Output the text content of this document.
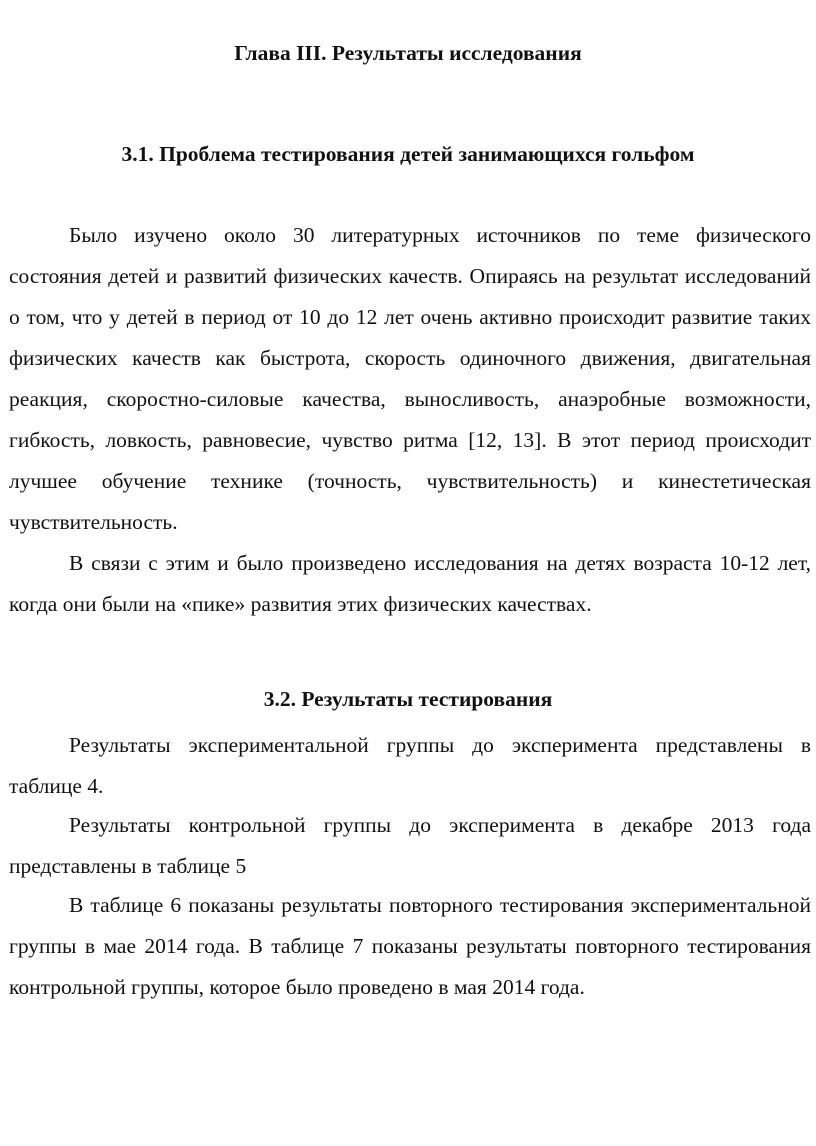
Глава III. Результаты исследования
3.1. Проблема тестирования детей занимающихся гольфом

Было изучено около 30 литературных источников по теме физического состояния детей и развитий физических качеств. Опираясь на результат исследований о том, что у детей в период от 10 до 12 лет очень активно происходит развитие таких физических качеств как быстрота, скорость одиночного движения, двигательная реакция, скоростно-силовые качества, выносливость, анаэробные возможности, гибкость, ловкость, равновесие, чувство ритма [12, 13]. В этот период происходит лучшее обучение технике (точность, чувствительность) и кинестетическая чувствительность.

В связи с этим и было произведено исследования на детях возраста 10-12 лет, когда они были на «пике» развития этих физических качествах.

3.2. Результаты тестирования

Результаты экспериментальной группы до эксперимента представлены в таблице 4.

Результаты контрольной группы до эксперимента в декабре 2013 года представлены в таблице 5

В таблице 6 показаны результаты повторного тестирования экспериментальной группы в мае 2014 года. В таблице 7 показаны результаты повторного тестирования контрольной группы, которое было проведено в мая 2014 года.
